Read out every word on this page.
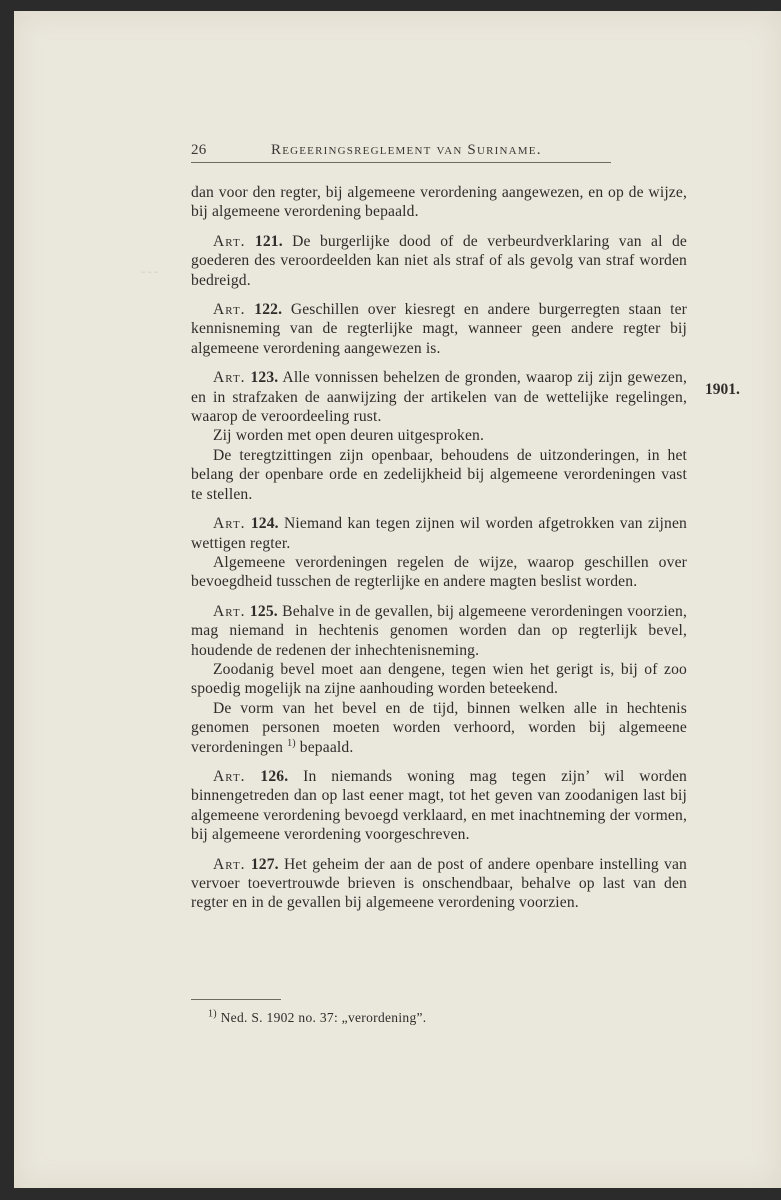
⁃⁃⁃
26	Regeeringsreglement van Suriname.

dan voor den regter, bij algemeene verordening aangewezen, en op de wijze, bij algemeene verordening bepaald.

Art. 121. De burgerlijke dood of de verbeurdverklaring van al de goederen des veroordeelden kan niet als straf of als gevolg van straf worden bedreigd.

Art. 122. Geschillen over kiesregt en andere burgerregten staan ter kennisneming van de regterlijke magt, wanneer geen andere regter bij algemeene verordening aangewezen is.

Art. 123. Alle vonnissen behelzen de gronden, waarop zij zijn gewezen, en in strafzaken de aanwijzing der artikelen van de wettelijke regelingen, waarop de veroordeeling rust.

Zij worden met open deuren uitgesproken.

De teregtzittingen zijn openbaar, behoudens de uitzonderingen, in het belang der openbare orde en zedelijkheid bij algemeene verordeningen vast te stellen.

Art. 124. Niemand kan tegen zijnen wil worden afgetrokken van zijnen wettigen regter.

Algemeene verordeningen regelen de wijze, waarop geschillen over bevoegdheid tusschen de regterlijke en andere magten beslist worden.

Art. 125. Behalve in de gevallen, bij algemeene verordeningen voorzien, mag niemand in hechtenis genomen worden dan op regterlijk bevel, houdende de redenen der inhechtenisneming.

Zoodanig bevel moet aan dengene, tegen wien het gerigt is, bij of zoo spoedig mogelijk na zijne aanhouding worden beteekend.

De vorm van het bevel en de tijd, binnen welken alle in hechtenis genomen personen moeten worden verhoord, worden bij algemeene verordeningen $^{1)}$ bepaald.

Art. 126. In niemands woning mag tegen zijn’ wil worden binnengetreden dan op last eener magt, tot het geven van zoodanigen last bij algemeene verordening bevoegd verklaard, en met inachtneming der vormen, bij algemeene verordening voorgeschreven.

Art. 127. Het geheim der aan de post of andere openbare instelling van vervoer toevertrouwde brieven is onschendbaar, behalve op last van den regter en in de gevallen bij algemeene verordening voorzien.

1901.
$^{1)}$ Ned. S. 1902 no. 37: „verordening”.
